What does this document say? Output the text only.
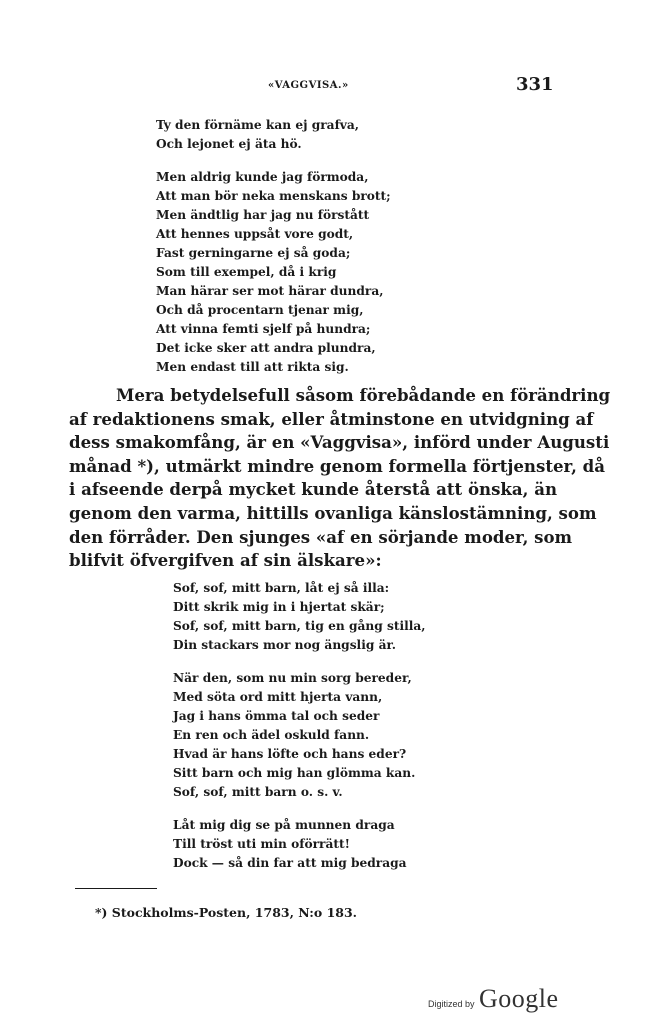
«VAGGVISA.»	331
Ty den förnäme kan ej grafva,
Och lejonet ej äta hö.
Men aldrig kunde jag förmoda,
Att man bör neka menskans brott;
Men ändtlig har jag nu förstått
Att hennes uppsåt vore godt,
Fast gerningarne ej så goda;
Som till exempel, då i krig
Man härar ser mot härar dundra,
Och då procentarn tjenar mig,
Att vinna femti sjelf på hundra;
Det icke sker att andra plundra,
Men endast till att rikta sig.
Mera betydelsefull såsom förebådande en förändring
af redaktionens smak, eller åtminstone en utvidgning af
dess smakomfång, är en «Vaggvisa», införd under Augusti
månad *), utmärkt mindre genom formella förtjenster, då
i afseende derpå mycket kunde återstå att önska, än
genom den varma, hittills ovanliga känslostämning, som
den förråder. Den sjunges «af en sörjande moder, som
blifvit öfvergifven af sin älskare»:
Sof, sof, mitt barn, låt ej så illa:
Ditt skrik mig in i hjertat skär;
Sof, sof, mitt barn, tig en gång stilla,
Din stackars mor nog ängslig är.
När den, som nu min sorg bereder,
Med söta ord mitt hjerta vann,
Jag i hans ömma tal och seder
En ren och ädel oskuld fann.
Hvad är hans löfte och hans eder?
Sitt barn och mig han glömma kan.
Sof, sof, mitt barn o. s. v.
Låt mig dig se på munnen draga
Till tröst uti min oförrätt!
Dock — så din far att mig bedraga
*) Stockholms-Posten, 1783, N:o 183.
Digitized by Google
